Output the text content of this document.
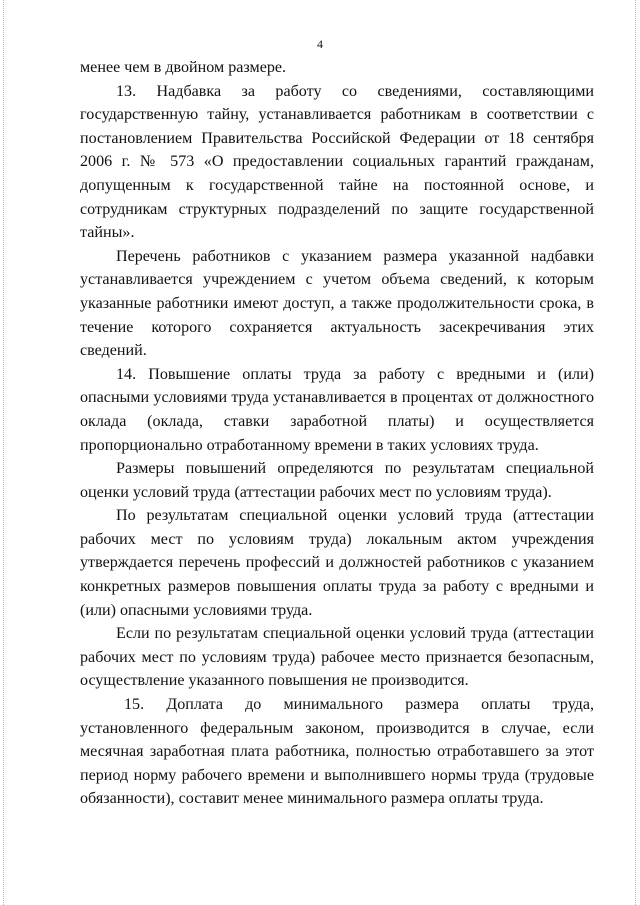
4

менее чем в двойном размере.

13. Надбавка за работу со сведениями, составляющими государственную тайну, устанавливается работникам в соответствии с постановлением Правительства Российской Федерации от 18 сентября 2006 г. № 573 «О предоставлении социальных гарантий гражданам, допущенным к государственной тайне на постоянной основе, и сотрудникам структурных подразделений по защите государственной тайны».

Перечень работников с указанием размера указанной надбавки устанавливается учреждением с учетом объема сведений, к которым указанные работники имеют доступ, а также продолжительности срока, в течение которого сохраняется актуальность засекречивания этих сведений.

14. Повышение оплаты труда за работу с вредными и (или) опасными условиями труда устанавливается в процентах от должностного оклада (оклада, ставки заработной платы) и осуществляется пропорционально отработанному времени в таких условиях труда.

Размеры повышений определяются по результатам специальной оценки условий труда (аттестации рабочих мест по условиям труда).

По результатам специальной оценки условий труда (аттестации рабочих мест по условиям труда) локальным актом учреждения утверждается перечень профессий и должностей работников с указанием конкретных размеров повышения оплаты труда за работу с вредными и (или) опасными условиями труда.

Если по результатам специальной оценки условий труда (аттестации рабочих мест по условиям труда) рабочее место признается безопасным, осуществление указанного повышения не производится.

15. Доплата до минимального размера оплаты труда, установленного федеральным законом, производится в случае, если месячная заработная плата работника, полностью отработавшего за этот период норму рабочего времени и выполнившего нормы труда (трудовые обязанности), составит менее минимального размера оплаты труда.
